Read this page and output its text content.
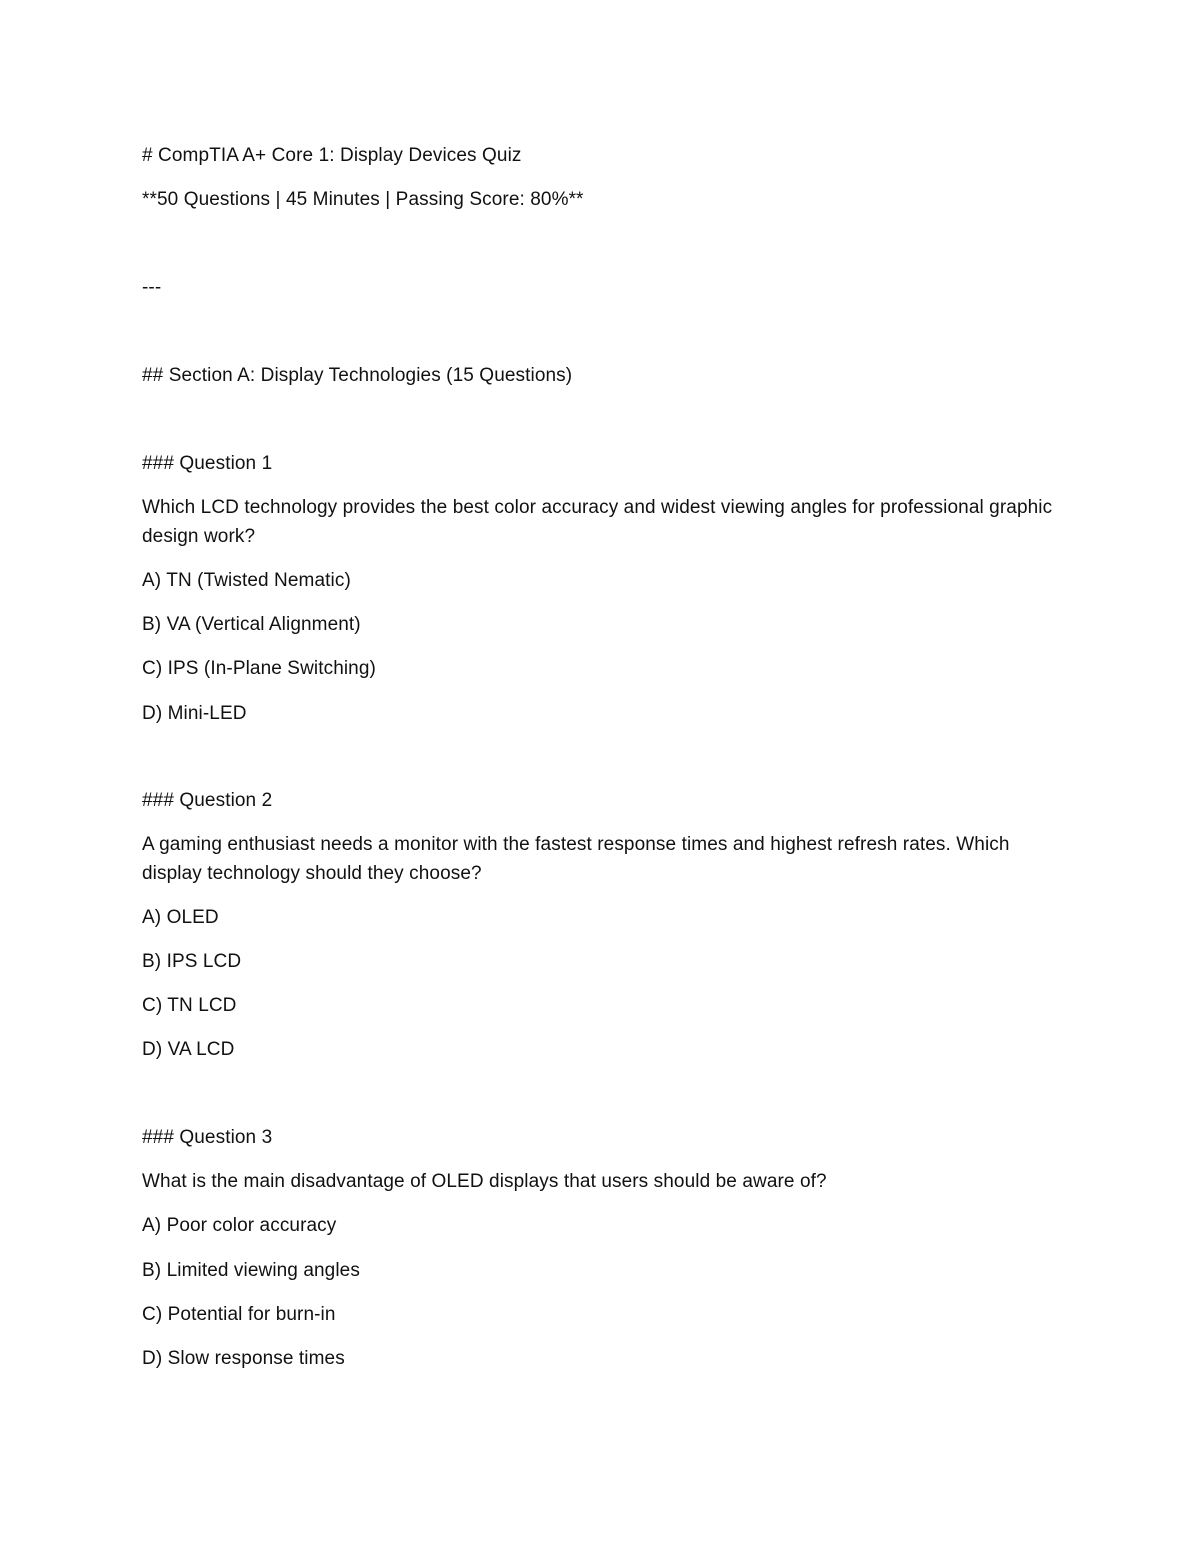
# CompTIA A+ Core 1: Display Devices Quiz
**50 Questions | 45 Minutes | Passing Score: 80%**
---
## Section A: Display Technologies (15 Questions)
### Question 1
Which LCD technology provides the best color accuracy and widest viewing angles for professional graphic design work?
A) TN (Twisted Nematic)
B) VA (Vertical Alignment)
C) IPS (In-Plane Switching)
D) Mini-LED
### Question 2
A gaming enthusiast needs a monitor with the fastest response times and highest refresh rates. Which display technology should they choose?
A) OLED
B) IPS LCD
C) TN LCD
D) VA LCD
### Question 3
What is the main disadvantage of OLED displays that users should be aware of?
A) Poor color accuracy
B) Limited viewing angles
C) Potential for burn-in
D) Slow response times
